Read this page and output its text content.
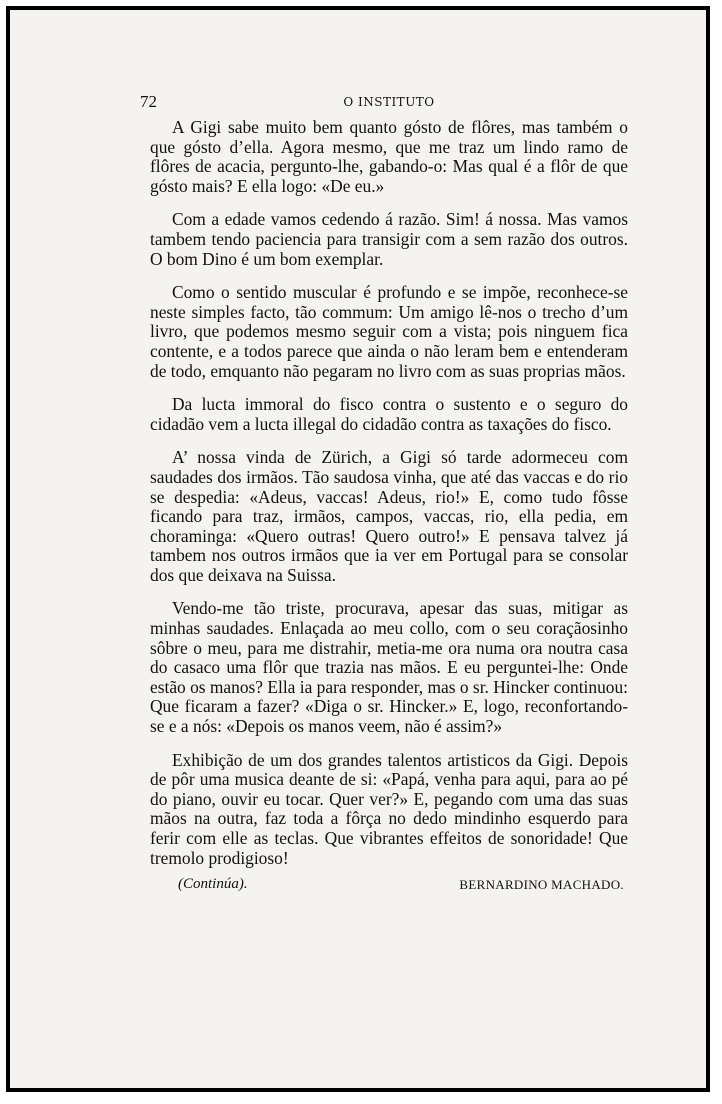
72	O INSTITUTO

A Gigi sabe muito bem quanto gósto de flôres, mas também o que gósto d’ella. Agora mesmo, que me traz um lindo ramo de flôres de acacia, pergunto-lhe, gabando-o: Mas qual é a flôr de que gósto mais? E ella logo: «De eu.»

Com a edade vamos cedendo á razão. Sim! á nossa. Mas vamos tambem tendo paciencia para transigir com a sem razão dos outros. O bom Dino é um bom exemplar.

Como o sentido muscular é profundo e se impõe, reconhece-se neste simples facto, tão commum: Um amigo lê-nos o trecho d’um livro, que podemos mesmo seguir com a vista; pois ninguem fica contente, e a todos parece que ainda o não leram bem e entenderam de todo, emquanto não pegaram no livro com as suas proprias mãos.

Da lucta immoral do fisco contra o sustento e o seguro do cidadão vem a lucta illegal do cidadão contra as taxações do fisco.

A’ nossa vinda de Zürich, a Gigi só tarde adormeceu com saudades dos irmãos. Tão saudosa vinha, que até das vaccas e do rio se despedia: «Adeus, vaccas! Adeus, rio!» E, como tudo fôsse ficando para traz, irmãos, campos, vaccas, rio, ella pedia, em choraminga: «Quero outras! Quero outro!» E pensava talvez já tambem nos outros irmãos que ia ver em Portugal para se consolar dos que deixava na Suissa.

Vendo-me tão triste, procurava, apesar das suas, mitigar as minhas saudades. Enlaçada ao meu collo, com o seu coraçãosinho sôbre o meu, para me distrahir, metia-me ora numa ora noutra casa do casaco uma flôr que trazia nas mãos. E eu perguntei-lhe: Onde estão os manos? Ella ia para responder, mas o sr. Hincker continuou: Que ficaram a fazer? «Diga o sr. Hincker.» E, logo, reconfortando-se e a nós: «Depois os manos veem, não é assim?»

Exhibição de um dos grandes talentos artisticos da Gigi. Depois de pôr uma musica deante de si: «Papá, venha para aqui, para ao pé do piano, ouvir eu tocar. Quer ver?» E, pegando com uma das suas mãos na outra, faz toda a fôrça no dedo mindinho esquerdo para ferir com elle as teclas. Que vibrantes effeitos de sonoridade! Que tremolo prodigioso!

(Continúa).	BERNARDINO MACHADO.
